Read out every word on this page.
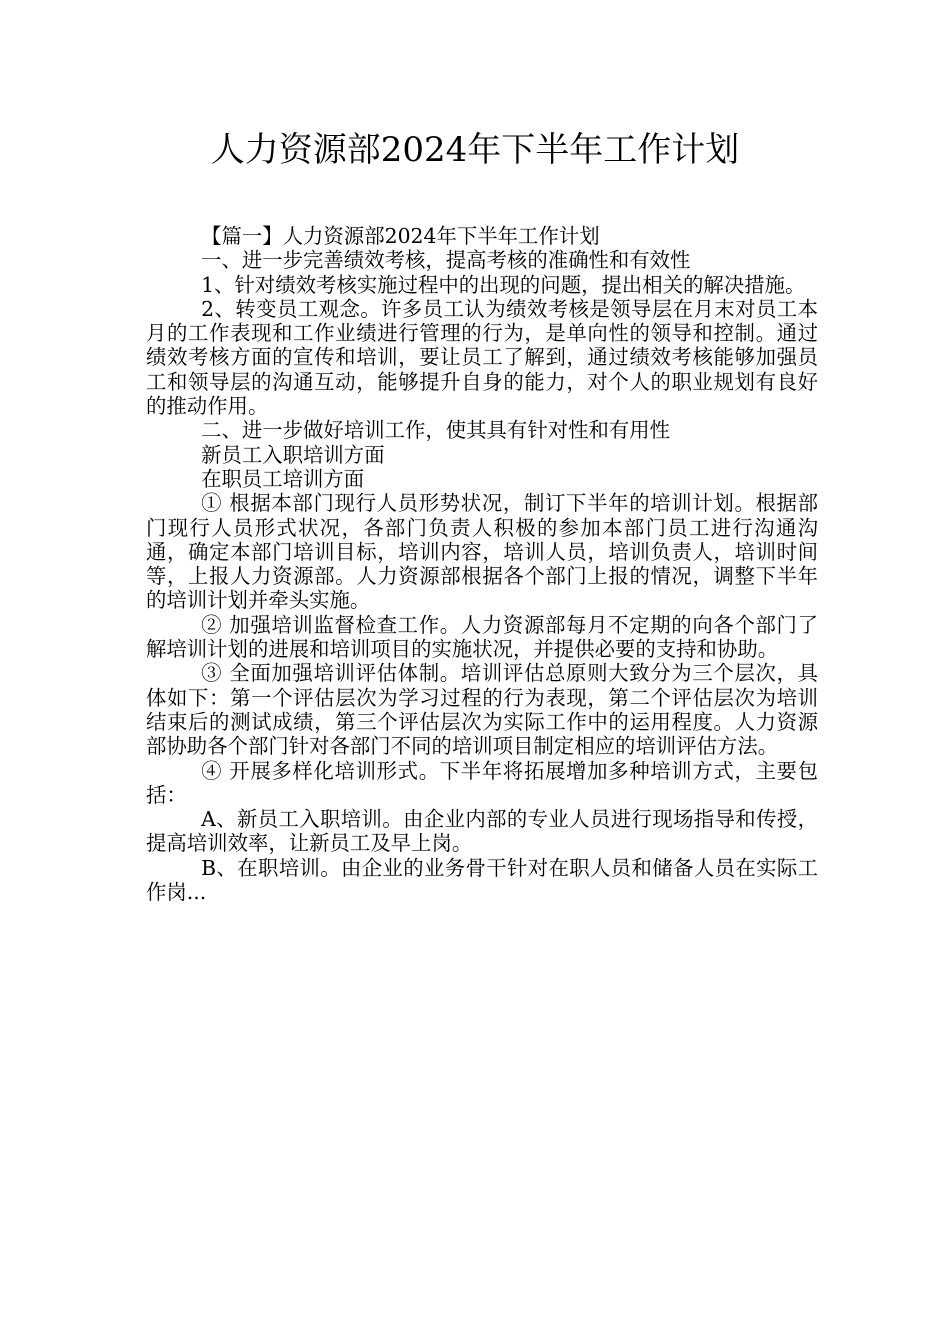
人力资源部2024年下半年工作计划

【篇一】人力资源部2024年下半年工作计划

一、进一步完善绩效考核，提高考核的准确性和有效性

1、针对绩效考核实施过程中的出现的问题，提出相关的解决措施。

2、转变员工观念。许多员工认为绩效考核是领导层在月末对员工本月的工作表现和工作业绩进行管理的行为，是单向性的领导和控制。通过绩效考核方面的宣传和培训，要让员工了解到，通过绩效考核能够加强员工和领导层的沟通互动，能够提升自身的能力，对个人的职业规划有良好的推动作用。

二、进一步做好培训工作，使其具有针对性和有用性

新员工入职培训方面

在职员工培训方面

① 根据本部门现行人员形势状况，制订下半年的培训计划。根据部门现行人员形式状况，各部门负责人积极的参加本部门员工进行沟通沟通，确定本部门培训目标，培训内容，培训人员，培训负责人，培训时间等，上报人力资源部。人力资源部根据各个部门上报的情况，调整下半年的培训计划并牵头实施。

② 加强培训监督检查工作。人力资源部每月不定期的向各个部门了解培训计划的进展和培训项目的实施状况，并提供必要的支持和协助。

③ 全面加强培训评估体制。培训评估总原则大致分为三个层次，具体如下：第一个评估层次为学习过程的行为表现，第二个评估层次为培训结束后的测试成绩，第三个评估层次为实际工作中的运用程度。人力资源部协助各个部门针对各部门不同的培训项目制定相应的培训评估方法。

④ 开展多样化培训形式。下半年将拓展增加多种培训方式，主要包括：

A、新员工入职培训。由企业内部的专业人员进行现场指导和传授，提高培训效率，让新员工及早上岗。

B、在职培训。由企业的业务骨干针对在职人员和储备人员在实际工作岗...
